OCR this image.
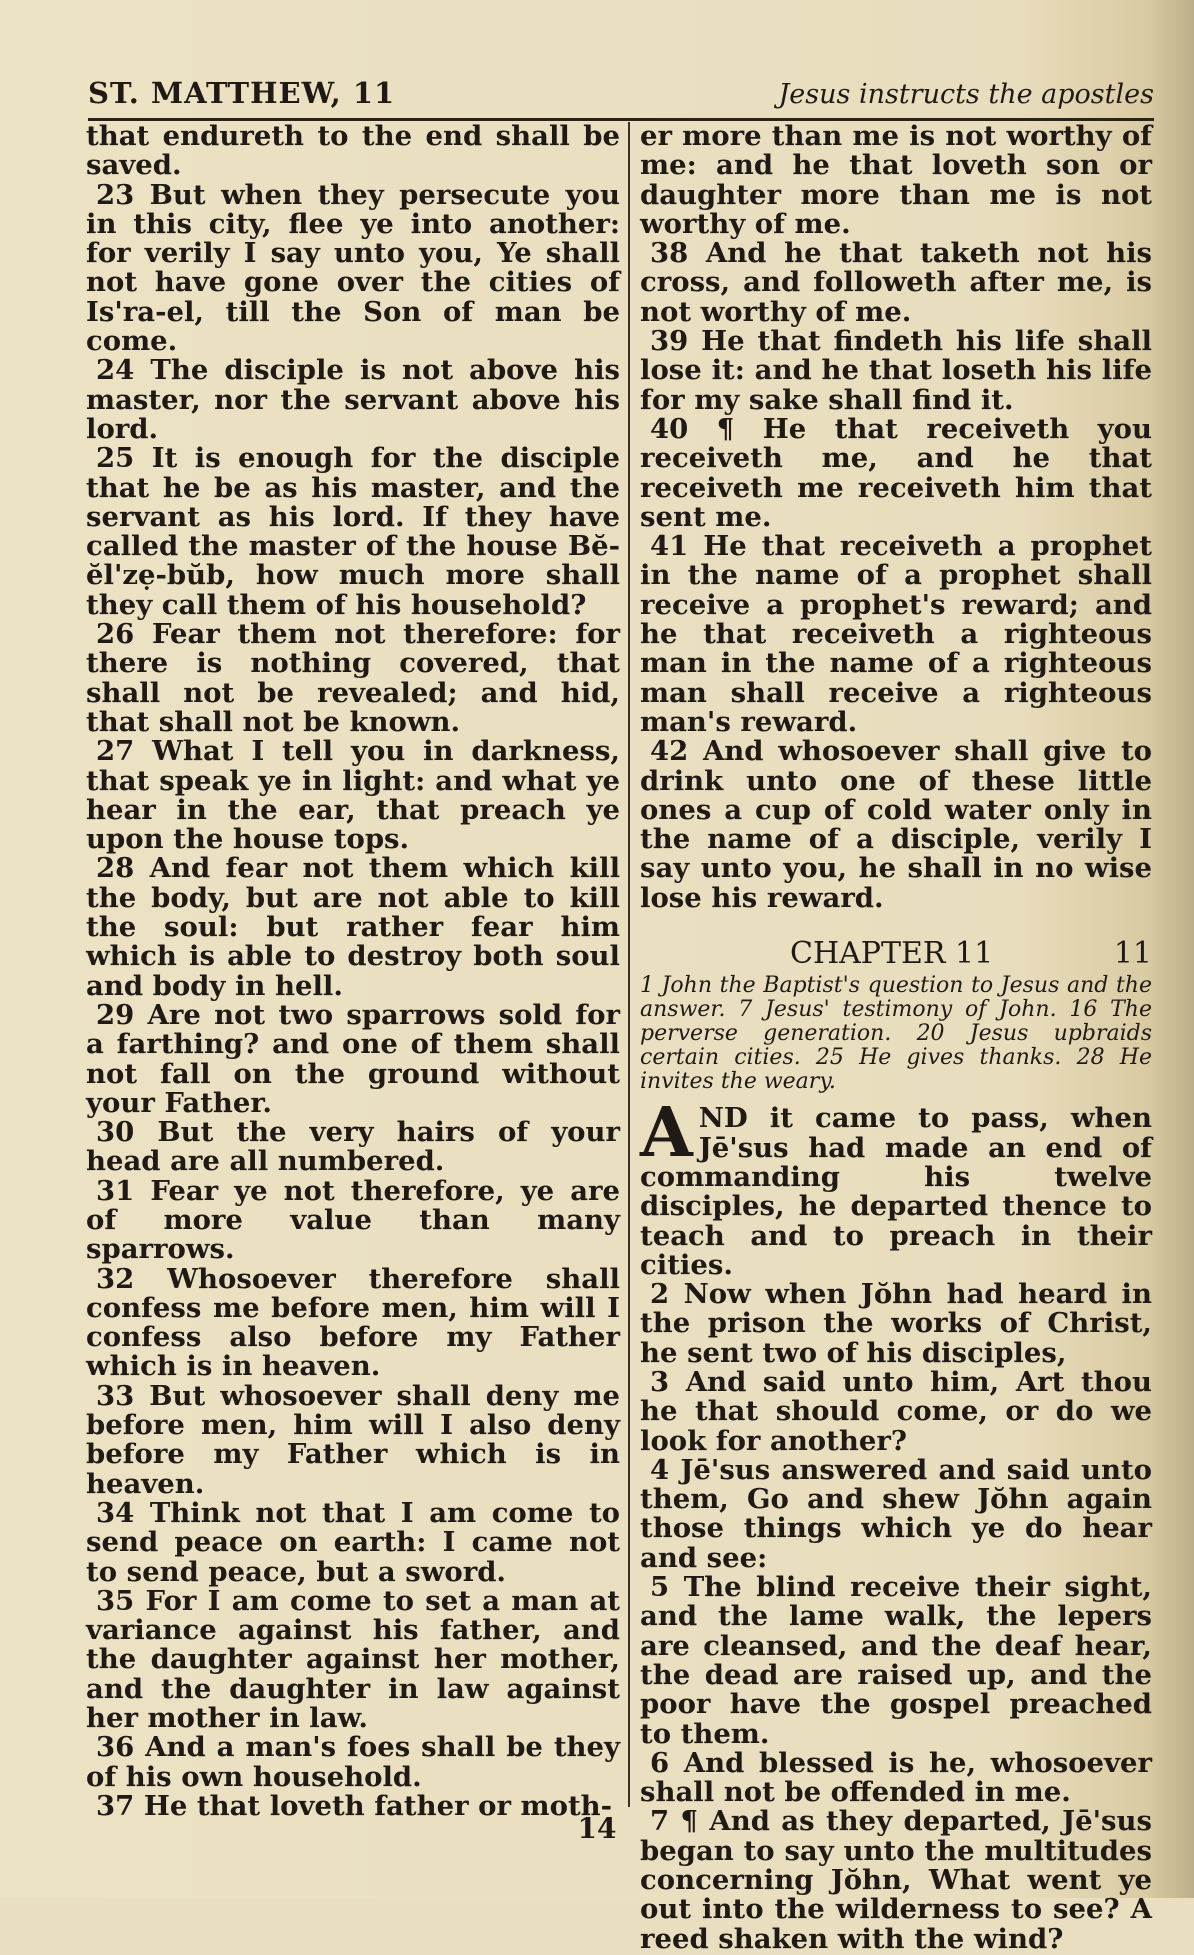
ST. MATTHEW, 11	Jesus instructs the apostles

that endureth to the end shall be saved.

23 But when they persecute you in this city, flee ye into another: for verily I say unto you, Ye shall not have gone over the cities of Is'ra-el, till the Son of man be come.

24 The disciple is not above his master, nor the servant above his lord.

25 It is enough for the disciple that he be as his master, and the servant as his lord. If they have called the master of the house Bĕ-ĕl'zẹ-bŭb, how much more shall they call them of his household?

26 Fear them not therefore: for there is nothing covered, that shall not be revealed; and hid, that shall not be known.

27 What I tell you in darkness, that speak ye in light: and what ye hear in the ear, that preach ye upon the house tops.

28 And fear not them which kill the body, but are not able to kill the soul: but rather fear him which is able to destroy both soul and body in hell.

29 Are not two sparrows sold for a farthing? and one of them shall not fall on the ground without your Father.

30 But the very hairs of your head are all numbered.

31 Fear ye not therefore, ye are of more value than many sparrows.

32 Whosoever therefore shall confess me before men, him will I confess also before my Father which is in heaven.

33 But whosoever shall deny me before men, him will I also deny before my Father which is in heaven.

34 Think not that I am come to send peace on earth: I came not to send peace, but a sword.

35 For I am come to set a man at variance against his father, and the daughter against her mother, and the daughter in law against her mother in law.

36 And a man's foes shall be they of his own household.

37 He that loveth father or moth-

er more than me is not worthy of me: and he that loveth son or daughter more than me is not worthy of me.

38 And he that taketh not his cross, and followeth after me, is not worthy of me.

39 He that findeth his life shall lose it: and he that loseth his life for my sake shall find it.

40 ¶ He that receiveth you receiveth me, and he that receiveth me receiveth him that sent me.

41 He that receiveth a prophet in the name of a prophet shall receive a prophet's reward; and he that receiveth a righteous man in the name of a righteous man shall receive a righteous man's reward.

42 And whosoever shall give to drink unto one of these little ones a cup of cold water only in the name of a disciple, verily I say unto you, he shall in no wise lose his reward.

CHAPTER 11	11

1 John the Baptist's question to Jesus and the answer. 7 Jesus' testimony of John. 16 The perverse generation. 20 Jesus upbraids certain cities. 25 He gives thanks. 28 He invites the weary.

AND it came to pass, when Jē'sus had made an end of commanding his twelve disciples, he departed thence to teach and to preach in their cities.

2 Now when Jŏhn had heard in the prison the works of Christ, he sent two of his disciples,

3 And said unto him, Art thou he that should come, or do we look for another?

4 Jē'sus answered and said unto them, Go and shew Jŏhn again those things which ye do hear and see:

5 The blind receive their sight, and the lame walk, the lepers are cleansed, and the deaf hear, the dead are raised up, and the poor have the gospel preached to them.

6 And blessed is he, whosoever shall not be offended in me.

7 ¶ And as they departed, Jē'sus began to say unto the multitudes concerning Jŏhn, What went ye out into the wilderness to see? A reed shaken with the wind?

14
